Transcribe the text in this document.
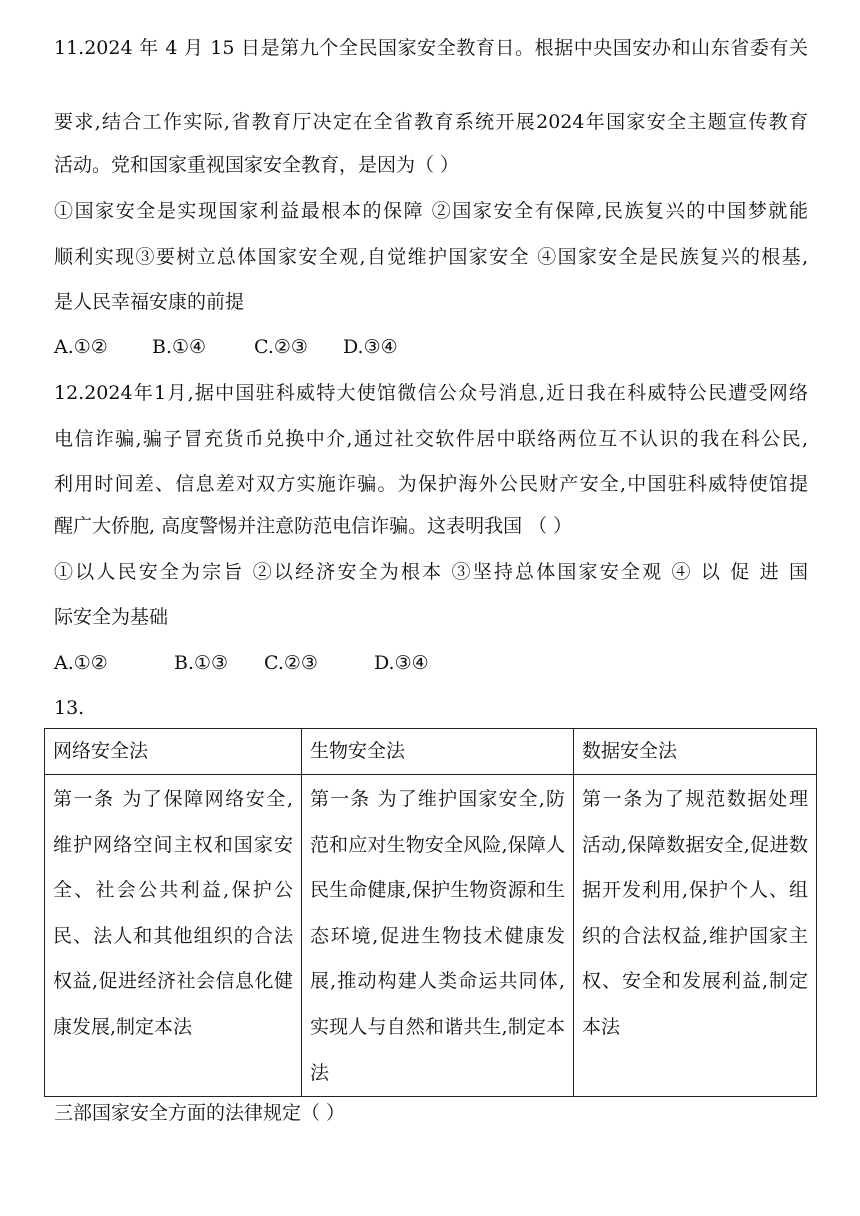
11.2024 年 4 月 15 日是第九个全民国家安全教育日。根据中央国安办和山东省委有关
要求,结合工作实际,省教育厅决定在全省教育系统开展2024年国家安全主题宣传教育
活动。党和国家重视国家安全教育，是因为（ ）
①国家安全是实现国家利益最根本的保障 ②国家安全有保障,民族复兴的中国梦就能
顺利实现③要树立总体国家安全观,自觉维护国家安全 ④国家安全是民族复兴的根基,
是人民幸福安康的前提
A.①② B.①④	C.②③ D.③④
12.2024年1月,据中国驻科威特大使馆微信公众号消息,近日我在科威特公民遭受网络
电信诈骗,骗子冒充货币兑换中介,通过社交软件居中联络两位互不认识的我在科公民,
利用时间差、信息差对双方实施诈骗。为保护海外公民财产安全,中国驻科威特使馆提
醒广大侨胞, 高度警惕并注意防范电信诈骗。这表明我国 （ ）
①以人民安全为宗旨 ②以经济安全为根本 ③坚持总体国家安全观 ④ 以 促 进 国
际安全为基础
A.①②	B.①③ C.②③	D.③④
13.
网络安全法	生物安全法	数据安全法
第一条 为了保障网络安全,维护网络空间主权和国家安全、社会公共利益,保护公民、法人和其他组织的合法权益,促进经济社会信息化健康发展,制定本法	第一条 为了维护国家安全,防范和应对生物安全风险,保障人民生命健康,保护生物资源和生态环境,促进生物技术健康发展,推动构建人类命运共同体,实现人与自然和谐共生,制定本法	第一条为了规范数据处理活动,保障数据安全,促进数据开发利用,保护个人、组织的合法权益,维护国家主权、安全和发展利益,制定本法
三部国家安全方面的法律规定（ ）
